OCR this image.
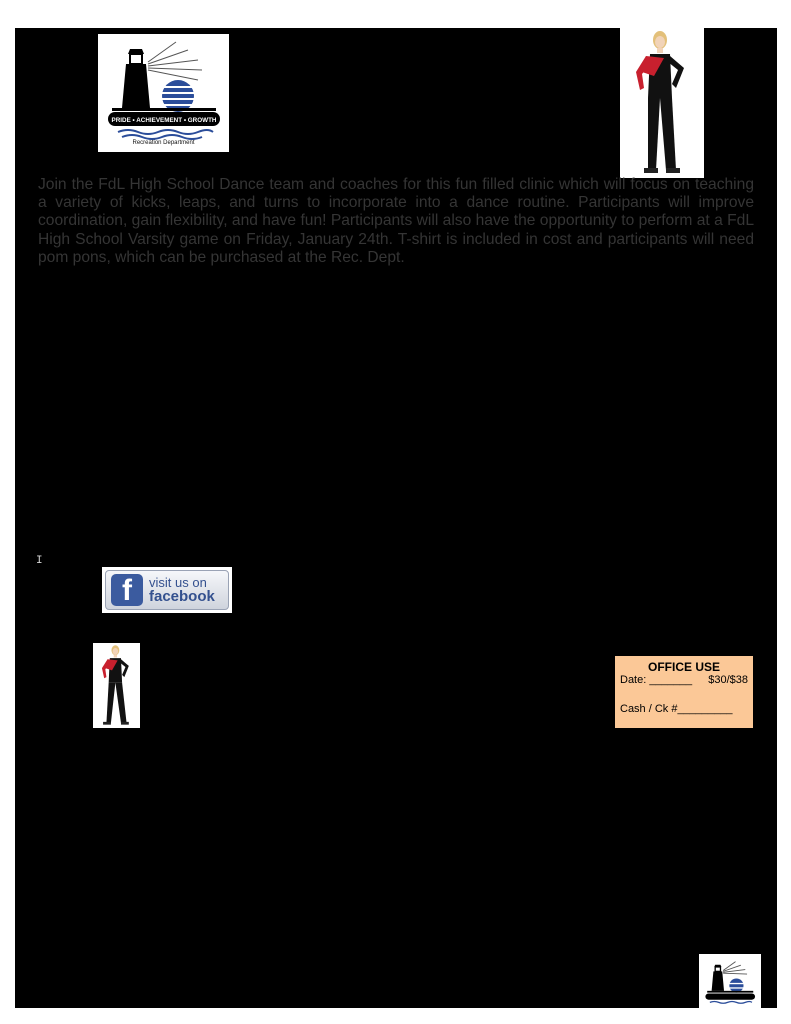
PRIDE • ACHIEVEMENT • GROWTH
Recreation Department
Join the FdL High School Dance team and coaches for this fun filled clinic which will focus on teaching a variety of kicks, leaps, and turns to incorporate into a dance routine. Participants will improve coordination, gain flexibility, and have fun! Participants will also have the opportunity to perform at a FdL High School Varsity game on Friday, January 24th. T-shirt is included in cost and participants will need pom pons, which can be purchased at the Rec. Dept.
I
f	visit us on
facebook
OFFICE USE
Date: _______ $30/$38
Cash / Ck #_________
